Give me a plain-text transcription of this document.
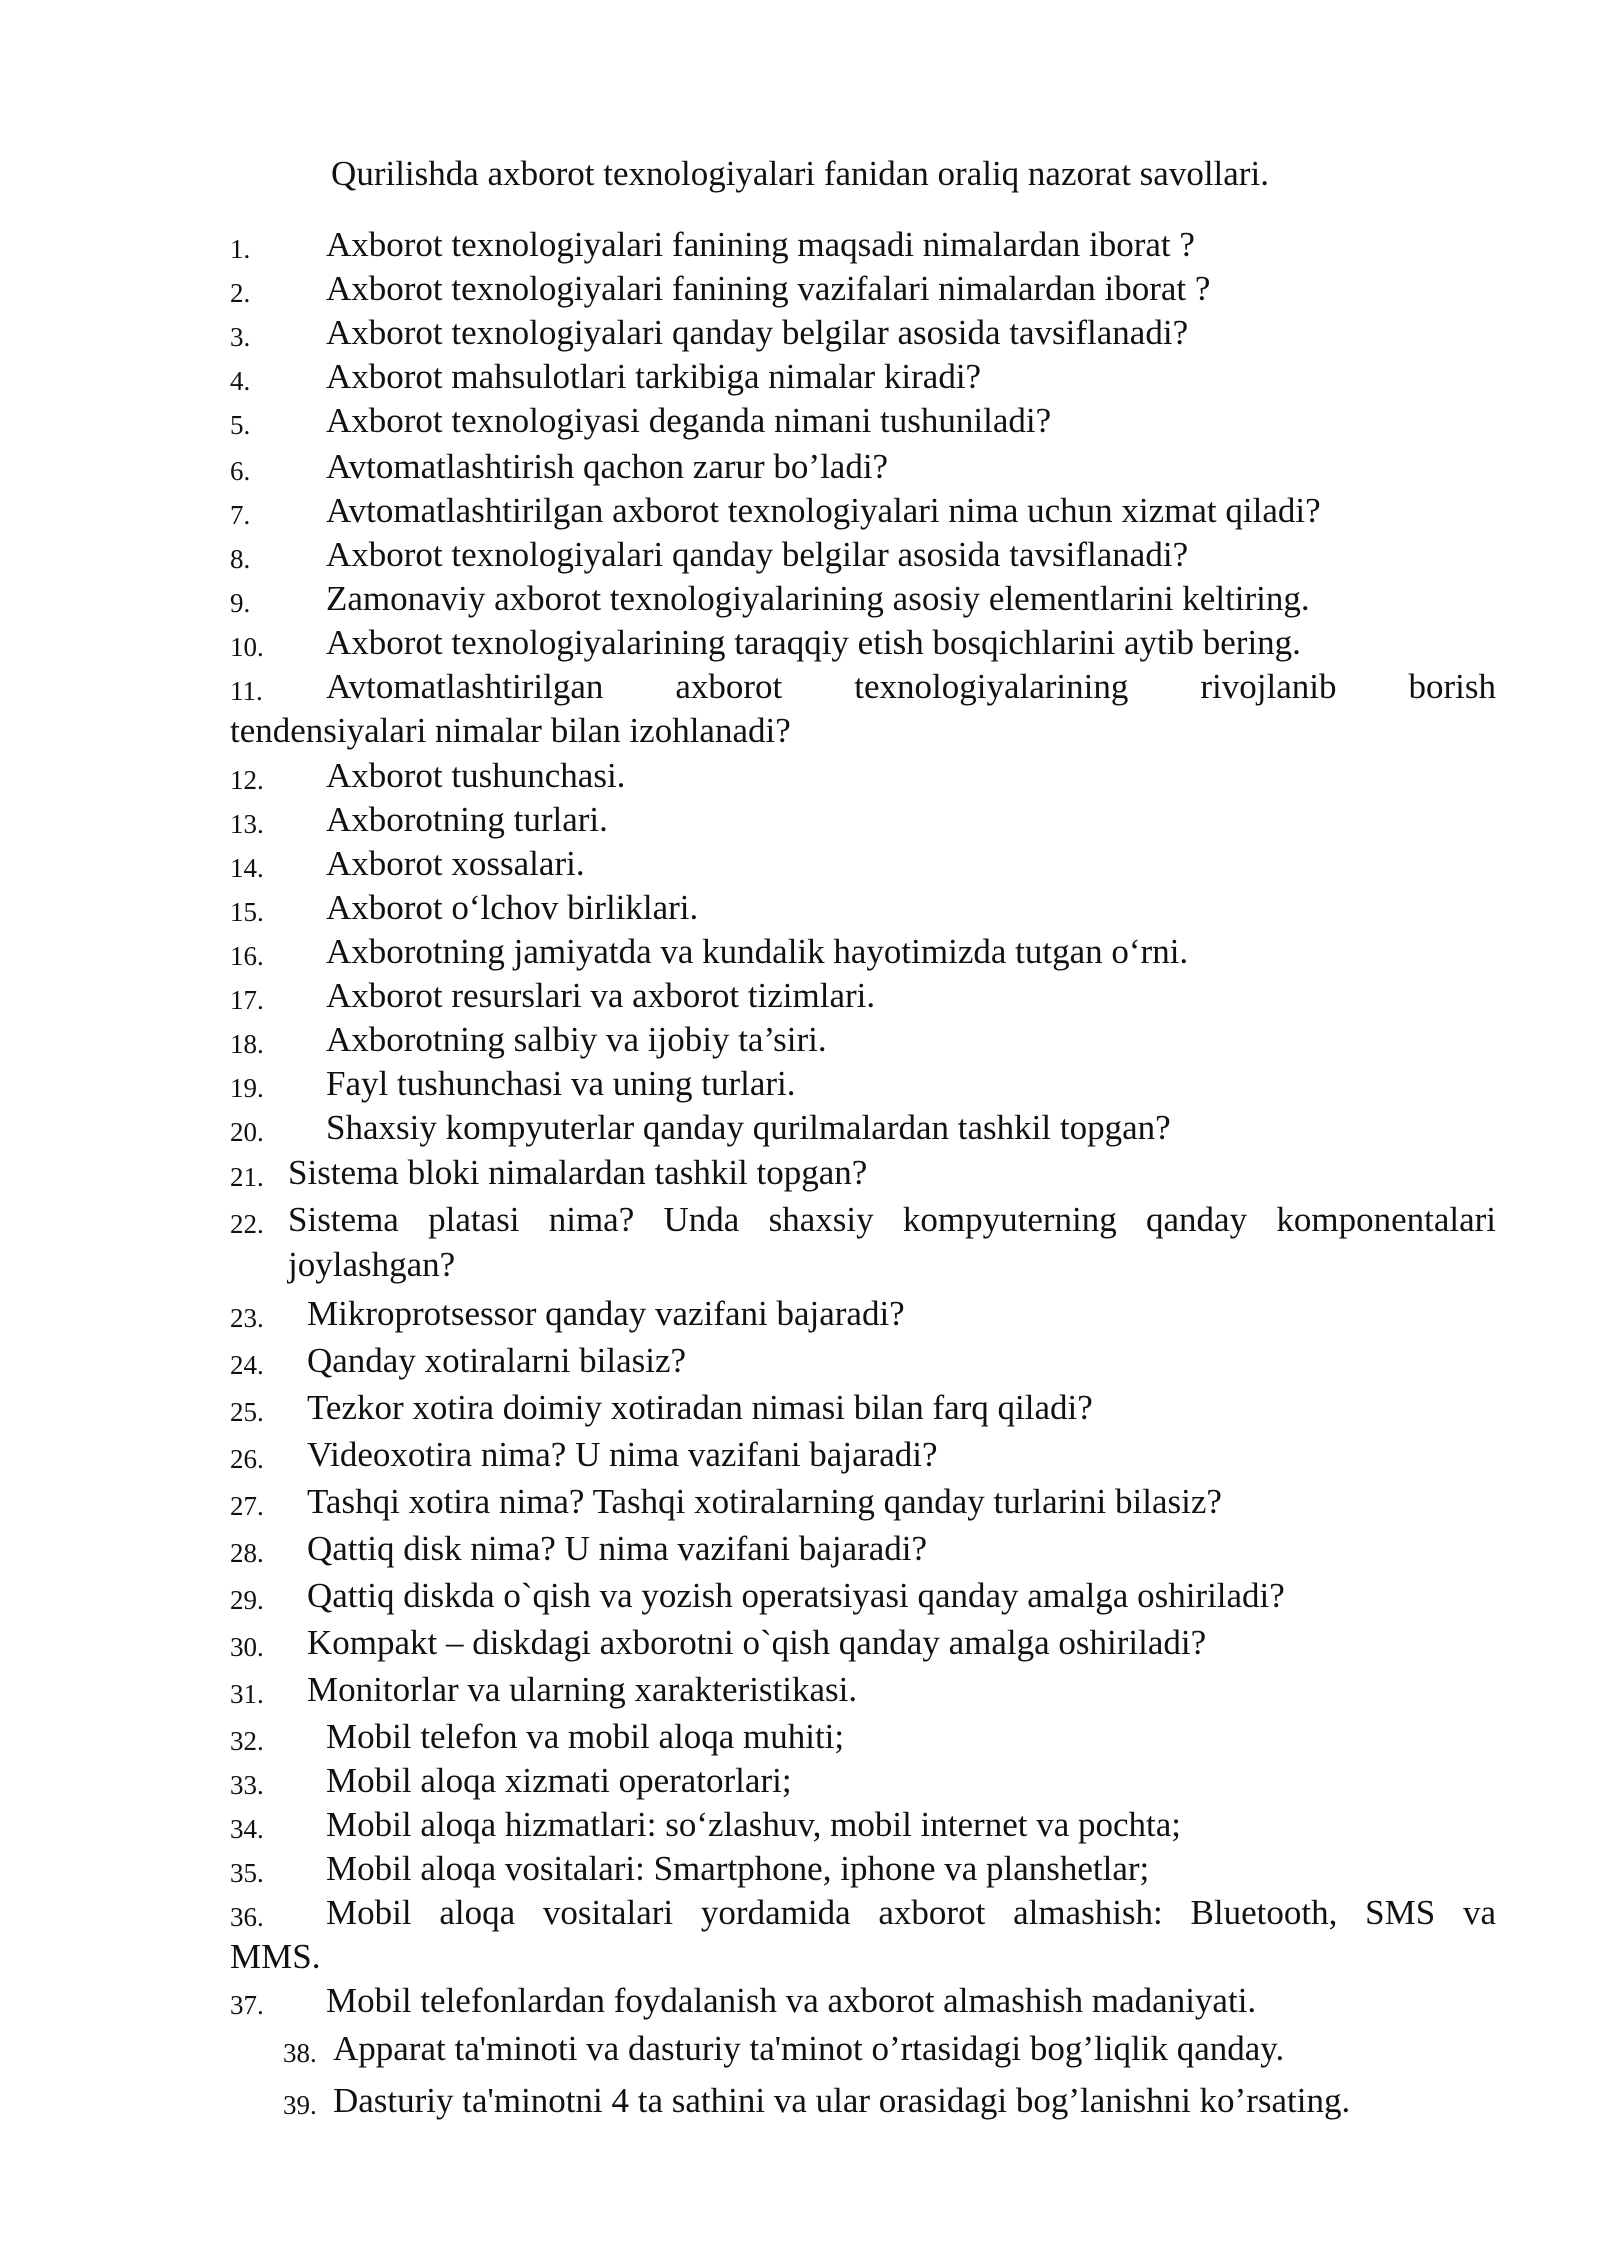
Qurilishda axborot texnologiyalari fanidan oraliq nazorat savollari.
1. Axborot texnologiyalari fanining maqsadi nimalardan iborat ?
2. Axborot texnologiyalari fanining vazifalari nimalardan iborat ?
3. Axborot texnologiyalari qanday belgilar asosida tavsiflanadi?
4. Axborot mahsulotlari tarkibiga nimalar kiradi?
5. Axborot texnologiyasi deganda nimani tushuniladi?
6. Avtomatlashtirish qachon zarur bo’ladi?
7. Avtomatlashtirilgan axborot texnologiyalari nima uchun xizmat qiladi?
8. Axborot texnologiyalari qanday belgilar asosida tavsiflanadi?
9. Zamonaviy axborot texnologiyalarining asosiy elementlarini keltiring.
10. Axborot texnologiyalarining taraqqiy etish bosqichlarini aytib bering.
11. Avtomatlashtirilgan axborot texnologiyalarining rivojlanib borish
tendensiyalari nimalar bilan izohlanadi?
12. Axborot tushunchasi.
13. Axborotning turlari.
14. Axborot xossalari.
15. Axborot o‘lchov birliklari.
16. Axborotning jamiyatda va kundalik hayotimizda tutgan o‘rni.
17. Axborot resurslari va axborot tizimlari.
18. Axborotning salbiy va ijobiy ta’siri.
19. Fayl tushunchasi va uning turlari.
20. Shaxsiy kompyuterlar qanday qurilmalardan tashkil topgan?
21. Sistema bloki nimalardan tashkil topgan?
22. Sistema platasi nima? Unda shaxsiy kompyuterning qanday komponentalari
joylashgan?
23. Mikroprotsessor qanday vazifani bajaradi?
24. Qanday xotiralarni bilasiz?
25. Tezkor xotira doimiy xotiradan nimasi bilan farq qiladi?
26. Videoxotira nima? U nima vazifani bajaradi?
27. Tashqi xotira nima? Tashqi xotiralarning qanday turlarini bilasiz?
28. Qattiq disk nima? U nima vazifani bajaradi?
29. Qattiq diskda o`qish va yozish operatsiyasi qanday amalga oshiriladi?
30. Kompakt – diskdagi axborotni o`qish qanday amalga oshiriladi?
31. Monitorlar va ularning xarakteristikasi.
32. Mobil telefon va mobil aloqa muhiti;
33. Mobil aloqa xizmati operatorlari;
34. Mobil aloqa hizmatlari: so‘zlashuv, mobil internet va pochta;
35. Mobil aloqa vositalari: Smartphone, iphone va planshetlar;
36. Mobil aloqa vositalari yordamida axborot almashish: Bluetooth, SMS va
MMS.
37. Mobil telefonlardan foydalanish va axborot almashish madaniyati.
38. Apparat ta'minoti va dasturiy ta'minot o’rtasidagi bog’liqlik qanday.
39. Dasturiy ta'minotni 4 ta sathini va ular orasidagi bog’lanishni ko’rsating.
